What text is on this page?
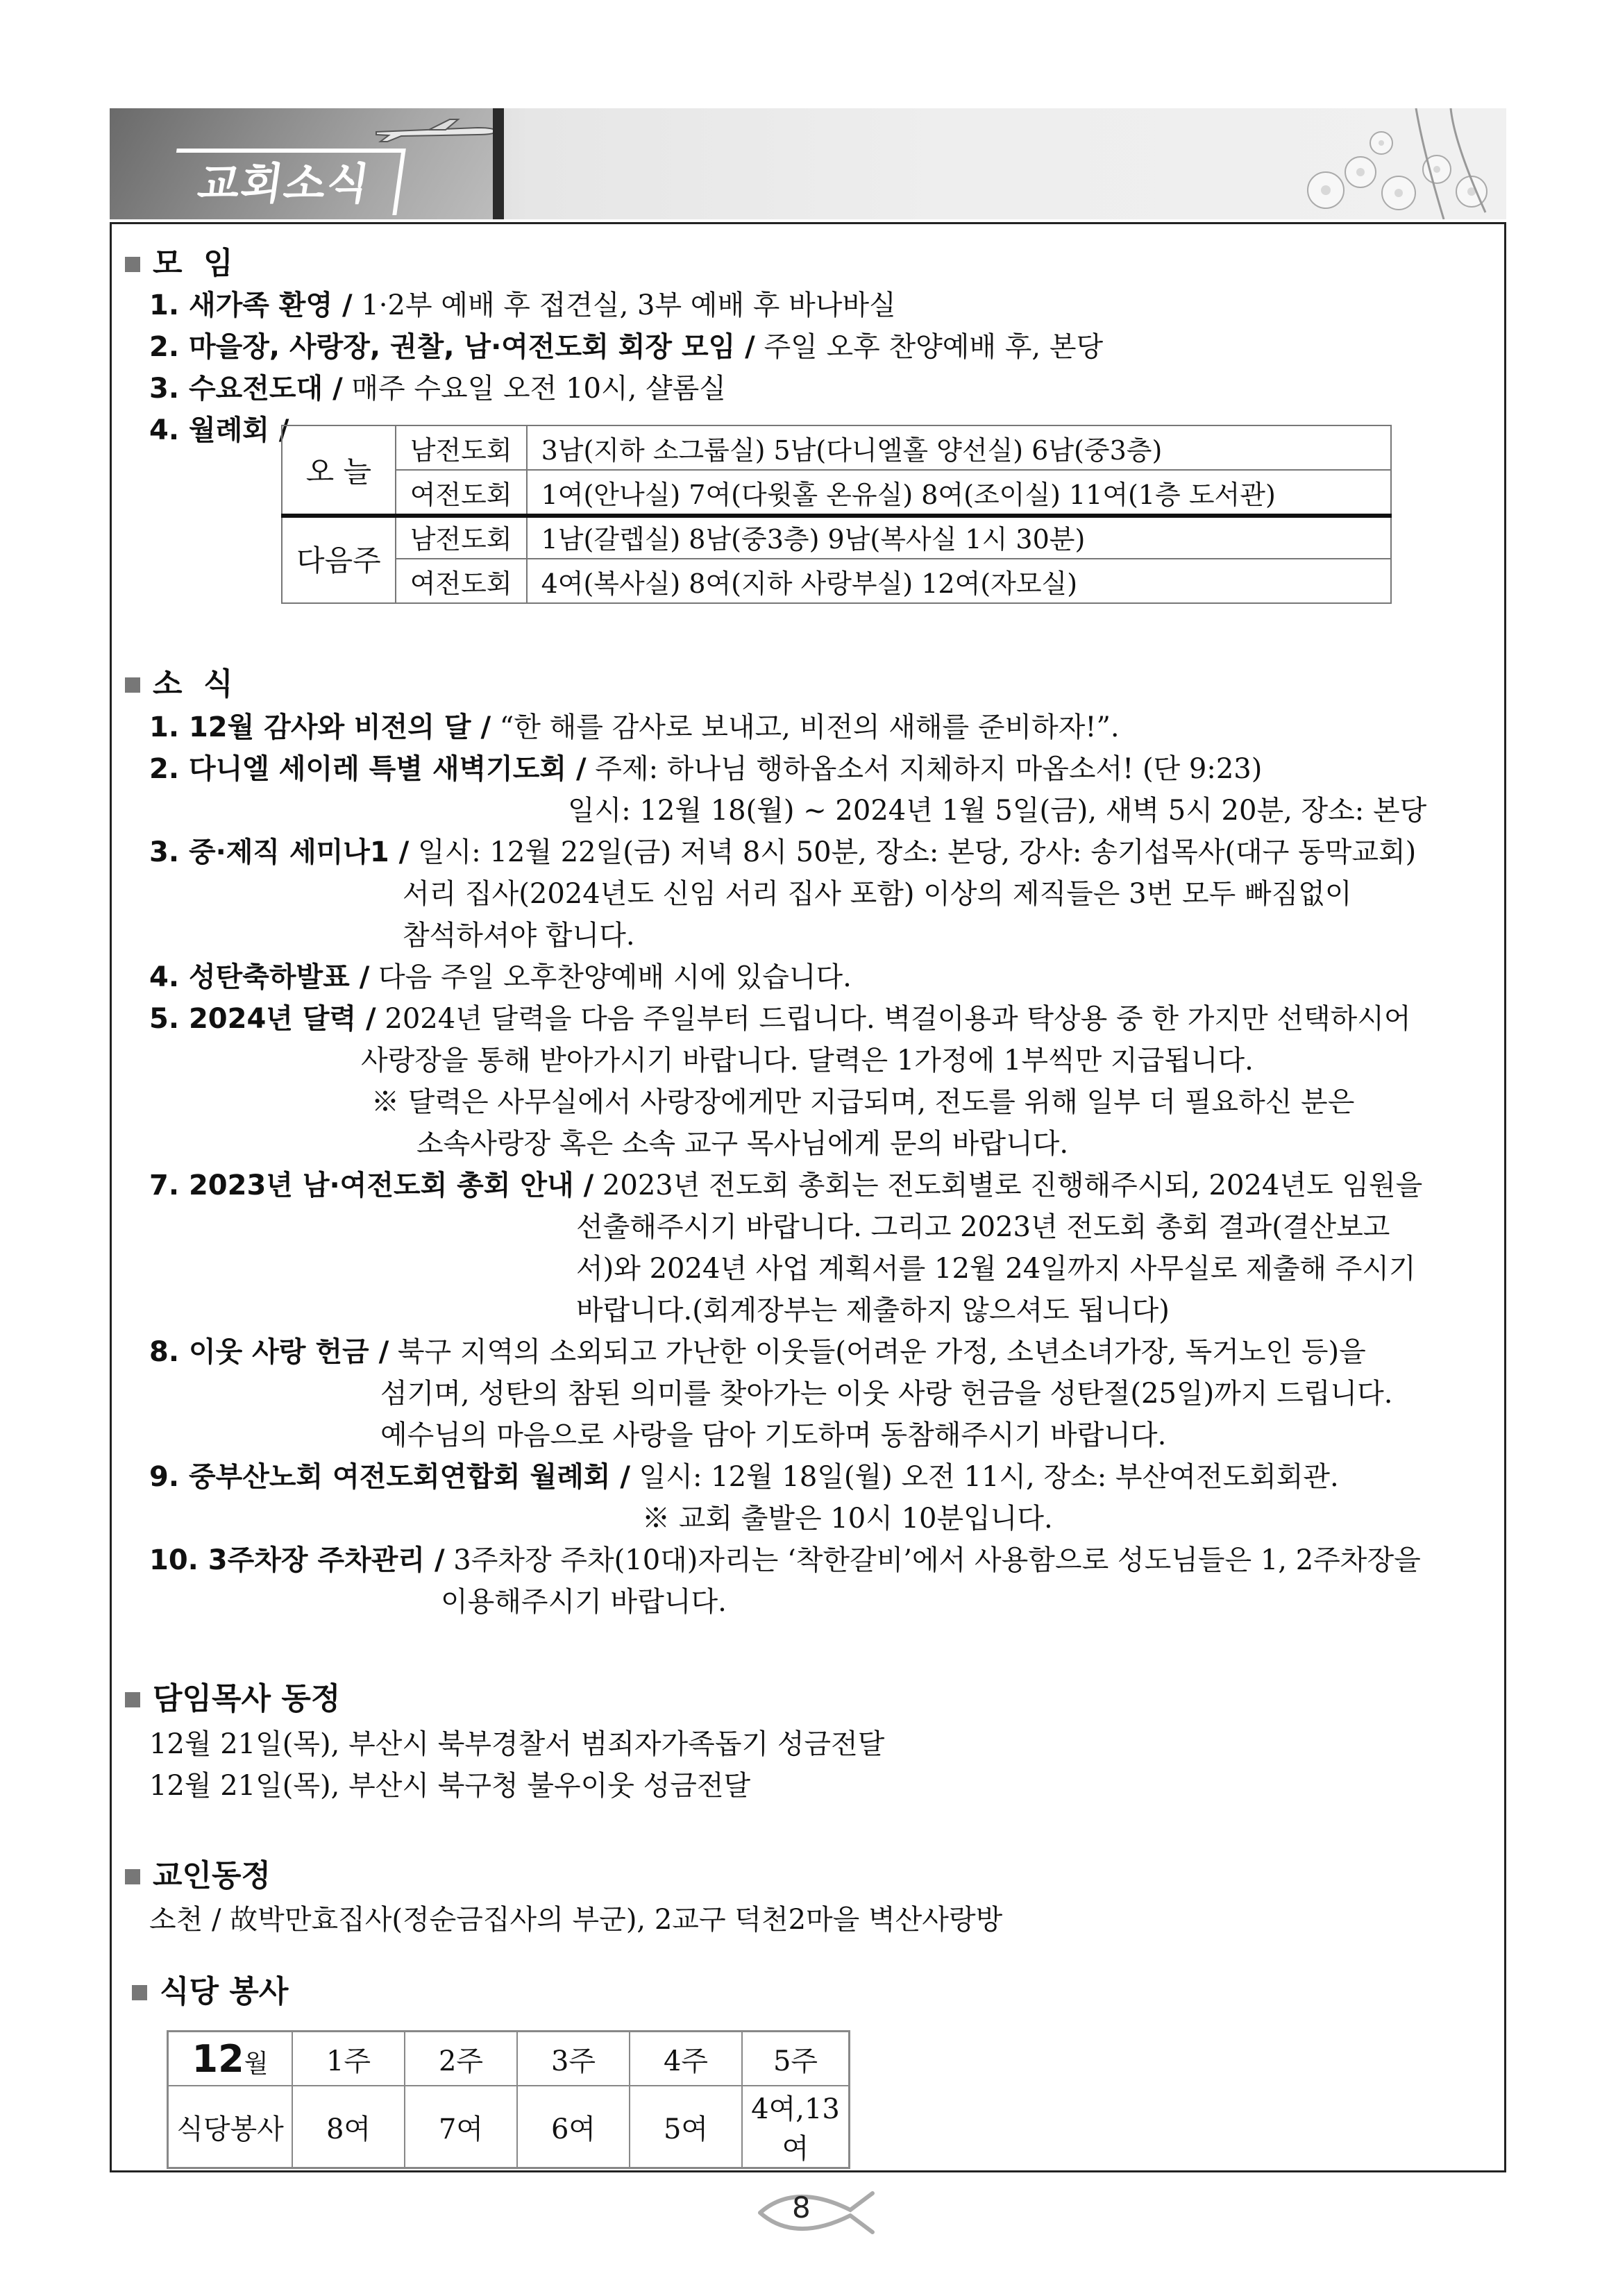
교회소식
모  임
1. 새가족 환영 / 1·2부 예배 후 접견실, 3부 예배 후 바나바실
2. 마을장, 사랑장, 권찰, 남·여전도회 회장 모임 / 주일 오후 찬양예배 후, 본당
3. 수요전도대 / 매주 수요일 오전 10시, 샬롬실
4. 월례회 /
오 늘	남전도회	3남(지하 소그룹실) 5남(다니엘홀 양선실) 6남(중3층)
	여전도회	1여(안나실) 7여(다윗홀 온유실) 8여(조이실) 11여(1층 도서관)
다음주	남전도회	1남(갈렙실) 8남(중3층) 9남(복사실 1시 30분)
	여전도회	4여(복사실) 8여(지하 사랑부실) 12여(자모실)
소  식
1. 12월 감사와 비전의 달 / “한 해를 감사로 보내고, 비전의 새해를 준비하자!”.
2. 다니엘 세이레 특별 새벽기도회 / 주제: 하나님 행하옵소서 지체하지 마옵소서! (단 9:23)
일시: 12월 18(월) ~ 2024년 1월 5일(금), 새벽 5시 20분, 장소: 본당
3. 중·제직 세미나1 / 일시: 12월 22일(금) 저녁 8시 50분, 장소: 본당, 강사: 송기섭목사(대구 동막교회)
서리 집사(2024년도 신임 서리 집사 포함) 이상의 제직들은 3번 모두 빠짐없이
참석하셔야 합니다.
4. 성탄축하발표 / 다음 주일 오후찬양예배 시에 있습니다.
5. 2024년 달력 / 2024년 달력을 다음 주일부터 드립니다. 벽걸이용과 탁상용 중 한 가지만 선택하시어
사랑장을 통해 받아가시기 바랍니다. 달력은 1가정에 1부씩만 지급됩니다.
※ 달력은 사무실에서 사랑장에게만 지급되며, 전도를 위해 일부 더 필요하신 분은
소속사랑장 혹은 소속 교구 목사님에게 문의 바랍니다.
7. 2023년 남·여전도회 총회 안내 / 2023년 전도회 총회는 전도회별로 진행해주시되, 2024년도 임원을
선출해주시기 바랍니다. 그리고 2023년 전도회 총회 결과(결산보고
서)와 2024년 사업 계획서를 12월 24일까지 사무실로 제출해 주시기
바랍니다.(회계장부는 제출하지 않으셔도 됩니다)
8. 이웃 사랑 헌금 / 북구 지역의 소외되고 가난한 이웃들(어려운 가정, 소년소녀가장, 독거노인 등)을
섬기며, 성탄의 참된 의미를 찾아가는 이웃 사랑 헌금을 성탄절(25일)까지 드립니다.
예수님의 마음으로 사랑을 담아 기도하며 동참해주시기 바랍니다.
9. 중부산노회 여전도회연합회 월례회 / 일시: 12월 18일(월) 오전 11시, 장소: 부산여전도회회관.
※ 교회 출발은 10시 10분입니다.
10. 3주차장 주차관리 / 3주차장 주차(10대)자리는 ‘착한갈비’에서 사용함으로 성도님들은 1, 2주차장을
이용해주시기 바랍니다.
담임목사 동정
12월 21일(목), 부산시 북부경찰서 범죄자가족돕기 성금전달
12월 21일(목), 부산시 북구청 불우이웃 성금전달
교인동정
소천 / 故박만효집사(정순금집사의 부군), 2교구 덕천2마을 벽산사랑방
식당 봉사
12월	1주	2주	3주	4주	5주
식당봉사	8여	7여	6여	5여	4여,13여
8
